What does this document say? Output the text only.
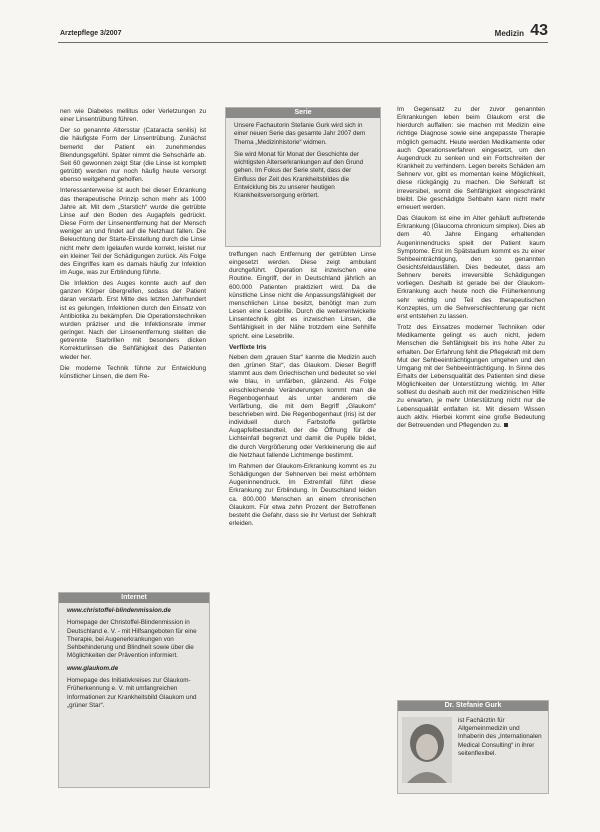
Arztepflege 3/2007	Medizin 43

nen wie Diabetes mellitus oder Verletzungen zu einer Linsentrübung führen.

Der so genannte Altersstar (Cataracta senilis) ist die häufigste Form der Linsentrübung. Zunächst bemerkt der Patient ein zunehmendes Blendungsgefühl. Später nimmt die Sehschärfe ab. Seit 60 gewonnen zeigt Star (die Linse ist komplett getrübt) werden nur noch häufig heute versorgt ebenso weitgehend geholfen.

Interessanterweise ist auch bei dieser Erkrankung das therapeutische Prinzip schon mehr als 1000 Jahre alt. Mit dem „Starstich“ wurde die getrübte Linse auf den Boden des Augapfels gedrückt. Diese Form der Linsenentfernung hat der Mensch weniger an und findet auf die Netzhaut fallen. Die Beleuchtung der Starte-Einstellung durch die Linse nicht mehr dem Igelaufen wurde korrekt, leistet nur ein kleiner Teil der Schädigungen zurück. Als Folge des Eingriffes kam es damals häufig zur Infektion im Auge, was zur Erblindung führte.

Die Infektion des Auges konnte auch auf den ganzen Körper übergreifen, sodass der Patient daran verstarb. Erst Mitte des letzten Jahrhundert ist es gelungen, Infektionen durch den Einsatz von Antibiotika zu bekämpfen. Die Operationstechniken wurden präziser und die Infektionsrate immer geringer. Nach der Linsenentfernung stellten die getrennte Starbrillen mit besonders dicken Korrekturlinsen die Sehfähigkeit des Patienten wieder her.

Die moderne Technik führte zur Entwicklung künstlicher Linsen, die dem Re-

Serie

Unsere Fachautorin Stefanie Gurk wird sich in einer neuen Serie das gesamte Jahr 2007 dem Thema „Medizinhistorie“ widmen.

Sie wird Monat für Monat der Geschichte der wichtigsten Alterserkrankungen auf den Grund gehen. Im Fokus der Serie steht, dass der Einfluss der Zeit des Krankheitsbildes die Entwicklung bis zu unserer heutigen Krankheitsversorgung erörtert.

treffungen nach Entfernung der getrübten Linse eingesetzt werden. Diese zeigt ambulant durchgeführt. Operation ist inzwischen eine Routine. Eingriff, der in Deutschland jährlich an 600.000 Patienten praktiziert wird. Da die künstliche Linse nicht die Anpassungsfähigkeit der menschlichen Linse besitzt, benötigt man zum Lesen eine Lesebrille. Durch die weiterentwickelte Linsentechnik gibt es inzwischen Linsen, die Sehfähigkeit in der Nähe trotzdem eine Sehhilfe spricht. eine Lesebrille.

Verflixte Iris

Neben dem „grauen Star“ kannte die Medizin auch den „grünen Star“, das Glaukom. Dieser Begriff stammt aus dem Griechischen und bedeutet so viel wie blau, in umfärben, glänzend. Als Folge einschleichende Veränderungen kommt man die Regenbogenhaut als unter anderem die Verfärbung, die mit dem Begriff „Glaukom“ beschrieben wird. Die Regenbogenhaut (Iris) ist der individuell durch Farbstoffe gefärbte Augapfelbestandteil, der die Öffnung für die Lichteinfall begrenzt und damit die Pupille bildet, die durch Vergrößerung oder Verkleinerung die auf die Netzhaut fallende Lichtmenge bestimmt.

Im Rahmen der Glaukom-Erkrankung kommt es zu Schädigungen der Sehnerven bei meist erhöhtem Augeninnendruck. Im Extremfall führt diese Erkrankung zur Erblindung. In Deutschland leiden ca. 800.000 Menschen an einem chronischen Glaukom. Für etwa zehn Prozent der Betroffenen besteht die Gefahr, dass sie ihr Verlust der Sehkraft erleiden.

Im Gegensatz zu der zuvor genannten Erkrankungen leben beim Glaukom erst die hierdurch auffallen: sie machen mit Medizin eine richtige Diagnose sowie eine angepasste Therapie möglich gemacht. Heute werden Medikamente oder auch Operationsverfahren eingesetzt, um den Augendruck zu senken und ein Fortschreiten der Krankheit zu verhindern. Legen bereits Schäden am Sehnerv vor, gibt es momentan keine Möglichkeit, diese rückgängig zu machen. Die Sehkraft ist irreversibel, womit die Sehfähigkeit eingeschränkt bleibt. Die geschädigte Sehbahn kann nicht mehr erneuert werden.

Das Glaukom ist eine im Alter gehäuft auftretende Erkrankung (Glaucoma chronicum simplex). Dies ab dem 40. Jahre Eingang erhaltenden Augeninnendrucks spielt der Patient kaum Symptome. Erst im Spätstadium kommt es zu einer Sehbeeinträchtigung, den so genannten Gesichtsfeldausfällen. Dies bedeutet, dass am Sehnerv bereits irreversible Schädigungen vorliegen. Deshalb ist gerade bei der Glaukom-Erkrankung auch heute noch die Früherkennung sehr wichtig und Teil des therapeutischen Konzeptes, um die Sehverschlechterung gar nicht erst entstehen zu lassen.

Trotz des Einsatzes moderner Techniken oder Medikamente gelingt es auch nicht, jedem Menschen die Sehfähigkeit bis ins hohe Alter zu erhalten. Der Erfahrung fehlt die Pflegekraft mit dem Mut der Sehbeeinträchtigungen umgehen und den Umgang mit der Sehbeeinträchtigung. In Sinne des Erhalts der Lebensqualität des Patienten sind diese Möglichkeiten der Unterstützung wichtig. Im Alter solltest du deshalb auch mit der medizinischen Hilfe zu erwarten, je mehr Unterstützung nicht nur die Lebensqualität entfalten ist. Mit diesem Wissen auch aktiv. Hierbei kommt eine große Bedeutung der Betreuenden und Pflegenden zu.

Internet

www.christoffel-blindenmission.de

Homepage der Christoffel-Blindenmission in Deutschland e. V. - mit Hilfsangeboten für eine Therapie, bei Augenerkrankungen von Sehbehinderung und Blindheit sowie über die Möglichkeiten der Prävention informiert.

www.glaukom.de

Homepage des Initiativkreises zur Glaukom-Früherkennung e. V. mit umfangreichen Informationen zur Krankheitsbild Glaukom und „grüner Star“.	Dr. Stefanie Gurk
ist Fachärztin für Allgemeinmedizin und Inhaberin des „Internationalen Medical Consulting“ in ihrer seitenflexibel.
